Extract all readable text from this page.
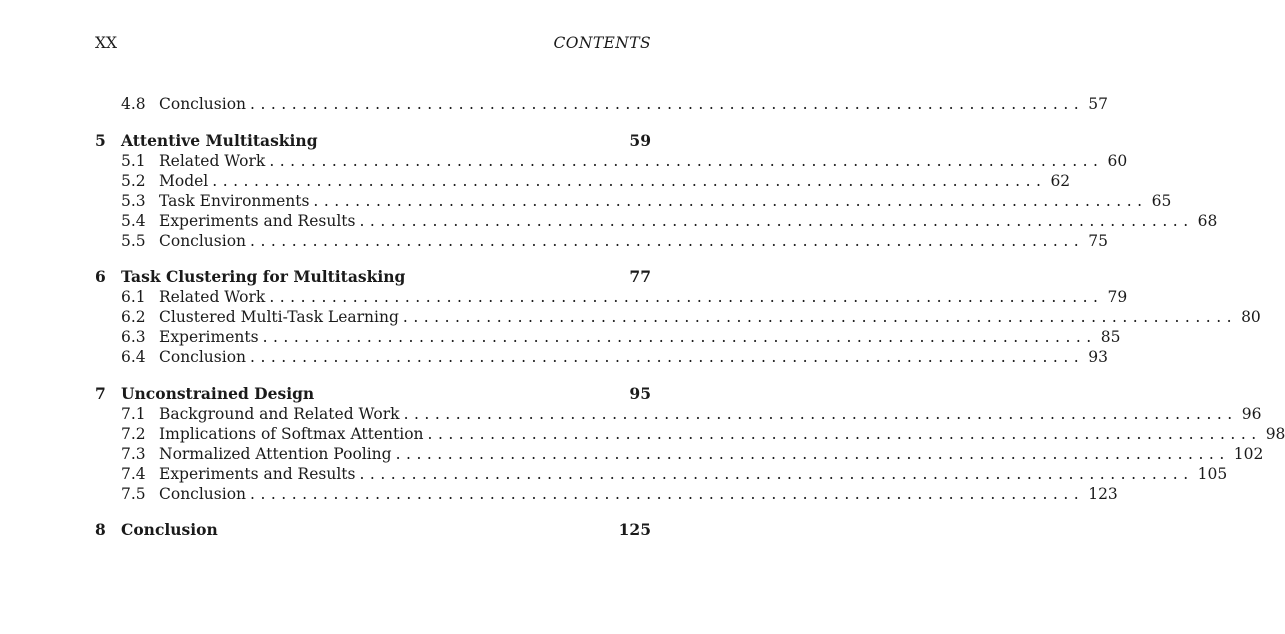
XX	CONTENTS
4.8 Conclusion ................................................................................ 57
5 Attentive Multitasking	59
5.1 Related Work ................................................................................ 60
5.2 Model ................................................................................ 62
5.3 Task Environments ................................................................................ 65
5.4 Experiments and Results ................................................................................ 68
5.5 Conclusion ................................................................................ 75
6 Task Clustering for Multitasking	77
6.1 Related Work ................................................................................ 79
6.2 Clustered Multi-Task Learning ................................................................................ 80
6.3 Experiments ................................................................................ 85
6.4 Conclusion ................................................................................ 93
7 Unconstrained Design	95
7.1 Background and Related Work ................................................................................ 96
7.2 Implications of Softmax Attention ................................................................................ 98
7.3 Normalized Attention Pooling ................................................................................ 102
7.4 Experiments and Results ................................................................................ 105
7.5 Conclusion ................................................................................ 123
8 Conclusion	125
